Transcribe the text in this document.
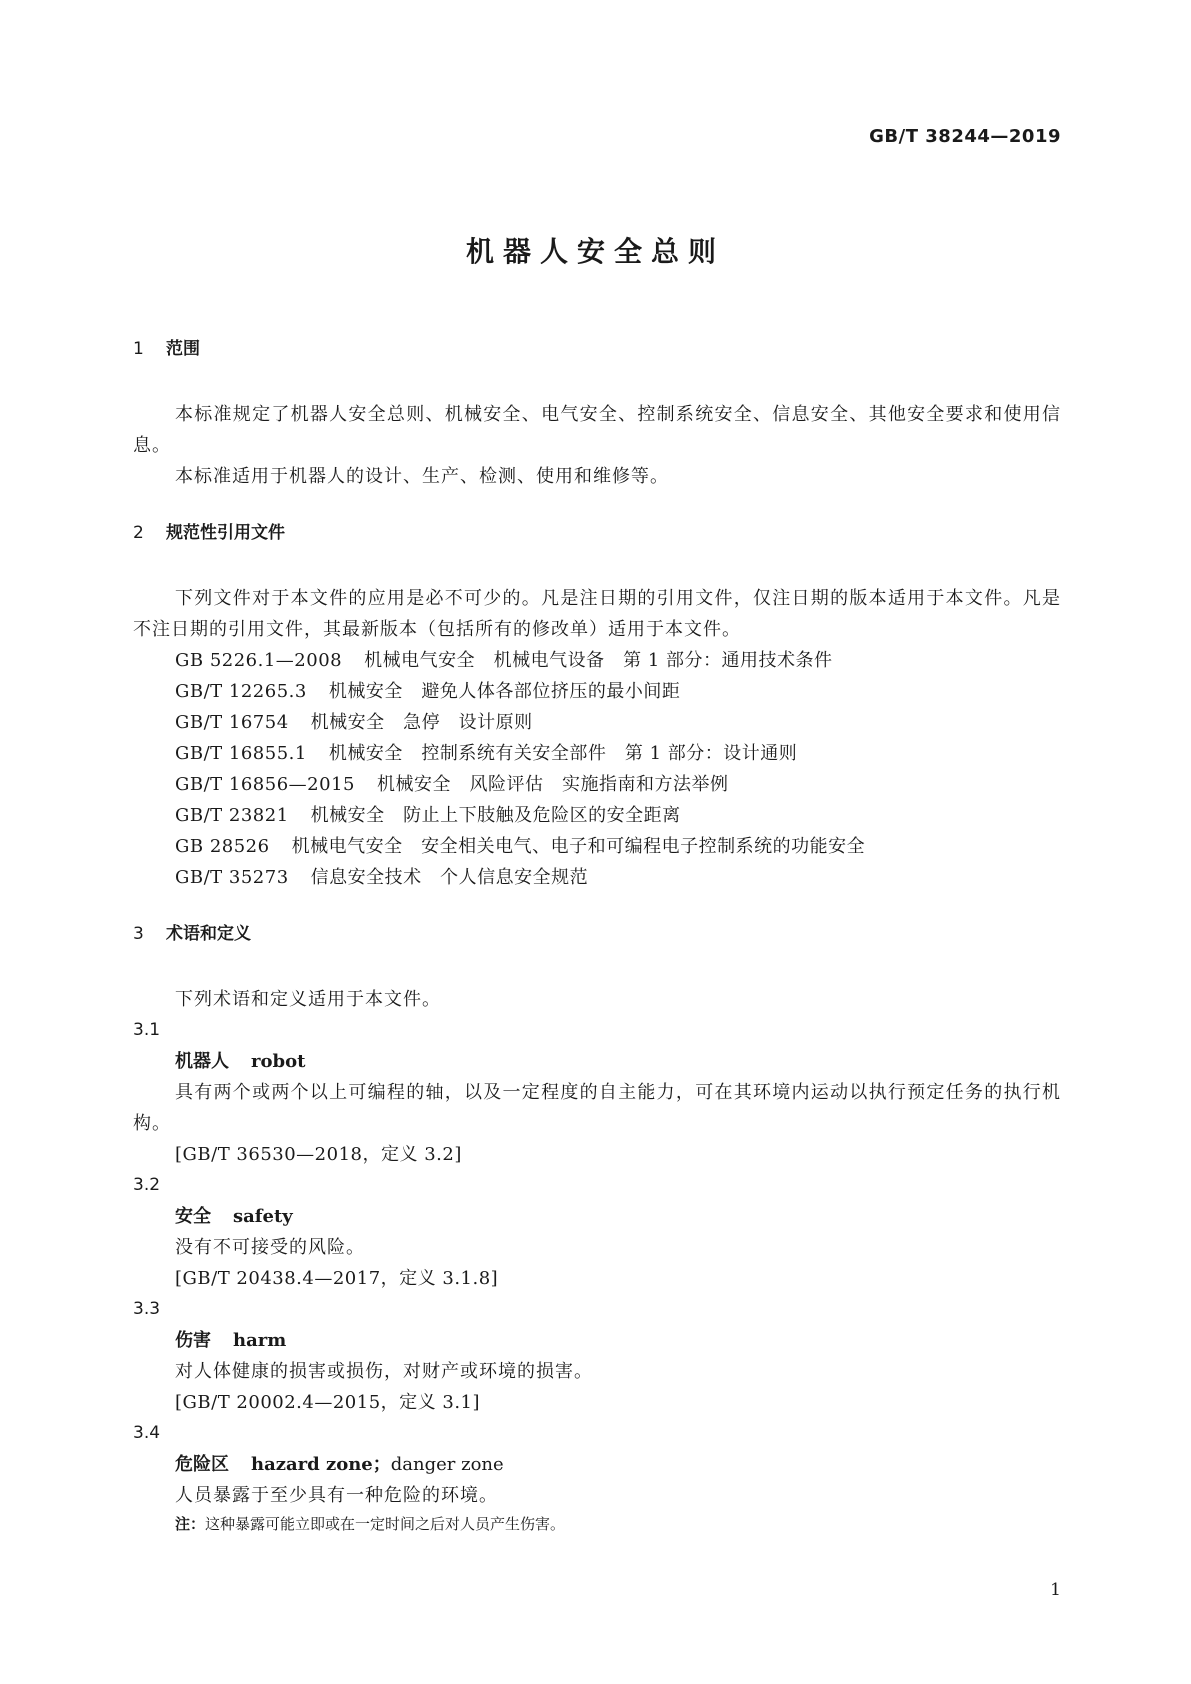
GB/T 38244—2019
机器人安全总则

1 范围

本标准规定了机器人安全总则、机械安全、电气安全、控制系统安全、信息安全、其他安全要求和使用信息。

本标准适用于机器人的设计、生产、检测、使用和维修等。

2 规范性引用文件

下列文件对于本文件的应用是必不可少的。凡是注日期的引用文件，仅注日期的版本适用于本文件。凡是不注日期的引用文件，其最新版本（包括所有的修改单）适用于本文件。

GB 5226.1—2008 机械电气安全　机械电气设备　第 1 部分：通用技术条件

GB/T 12265.3 机械安全　避免人体各部位挤压的最小间距

GB/T 16754 机械安全　急停　设计原则

GB/T 16855.1 机械安全　控制系统有关安全部件　第 1 部分：设计通则

GB/T 16856—2015 机械安全　风险评估　实施指南和方法举例

GB/T 23821 机械安全　防止上下肢触及危险区的安全距离

GB 28526 机械电气安全　安全相关电气、电子和可编程电子控制系统的功能安全

GB/T 35273 信息安全技术　个人信息安全规范

3 术语和定义

下列术语和定义适用于本文件。

3.1

机器人 robot

具有两个或两个以上可编程的轴，以及一定程度的自主能力，可在其环境内运动以执行预定任务的执行机构。

[GB/T 36530—2018，定义 3.2]

3.2

安全 safety

没有不可接受的风险。

[GB/T 20438.4—2017，定义 3.1.8]

3.3

伤害 harm

对人体健康的损害或损伤，对财产或环境的损害。

[GB/T 20002.4—2015，定义 3.1]

3.4

危险区 hazard zone；danger zone

人员暴露于至少具有一种危险的环境。

注：这种暴露可能立即或在一定时间之后对人员产生伤害。

1
